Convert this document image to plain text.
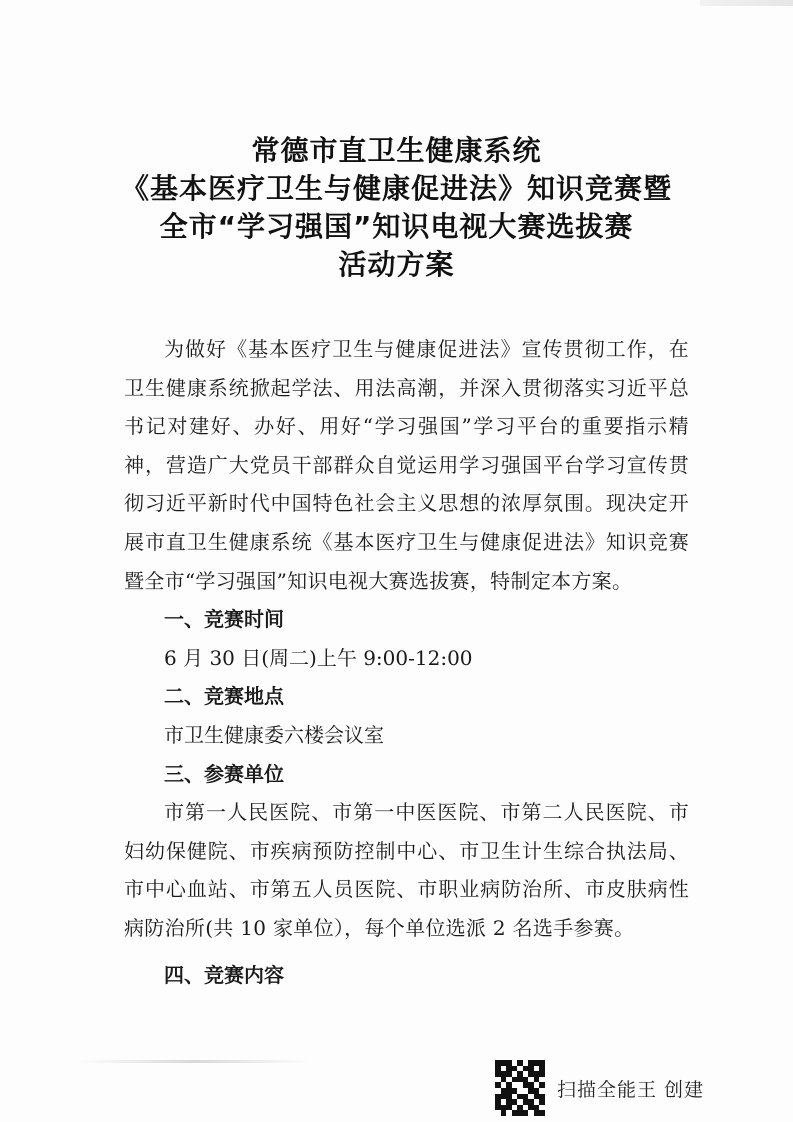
常德市直卫生健康系统
《基本医疗卫生与健康促进法》知识竞赛暨
全市“学习强国”知识电视大赛选拔赛
活动方案

为做好《基本医疗卫生与健康促进法》宣传贯彻工作，在卫生健康系统掀起学法、用法高潮，并深入贯彻落实习近平总书记对建好、办好、用好“学习强国”学习平台的重要指示精神，营造广大党员干部群众自觉运用学习强国平台学习宣传贯彻习近平新时代中国特色社会主义思想的浓厚氛围。现决定开展市直卫生健康系统《基本医疗卫生与健康促进法》知识竞赛暨全市“学习强国”知识电视大赛选拔赛，特制定本方案。

一、竞赛时间

6 月 30 日(周二)上午 9:00-12:00

二、竞赛地点

市卫生健康委六楼会议室

三、参赛单位

市第一人民医院、市第一中医医院、市第二人民医院、市妇幼保健院、市疾病预防控制中心、市卫生计生综合执法局、市中心血站、市第五人员医院、市职业病防治所、市皮肤病性病防治所(共 10 家单位），每个单位选派 2 名选手参赛。

四、竞赛内容

扫描全能王 创建
